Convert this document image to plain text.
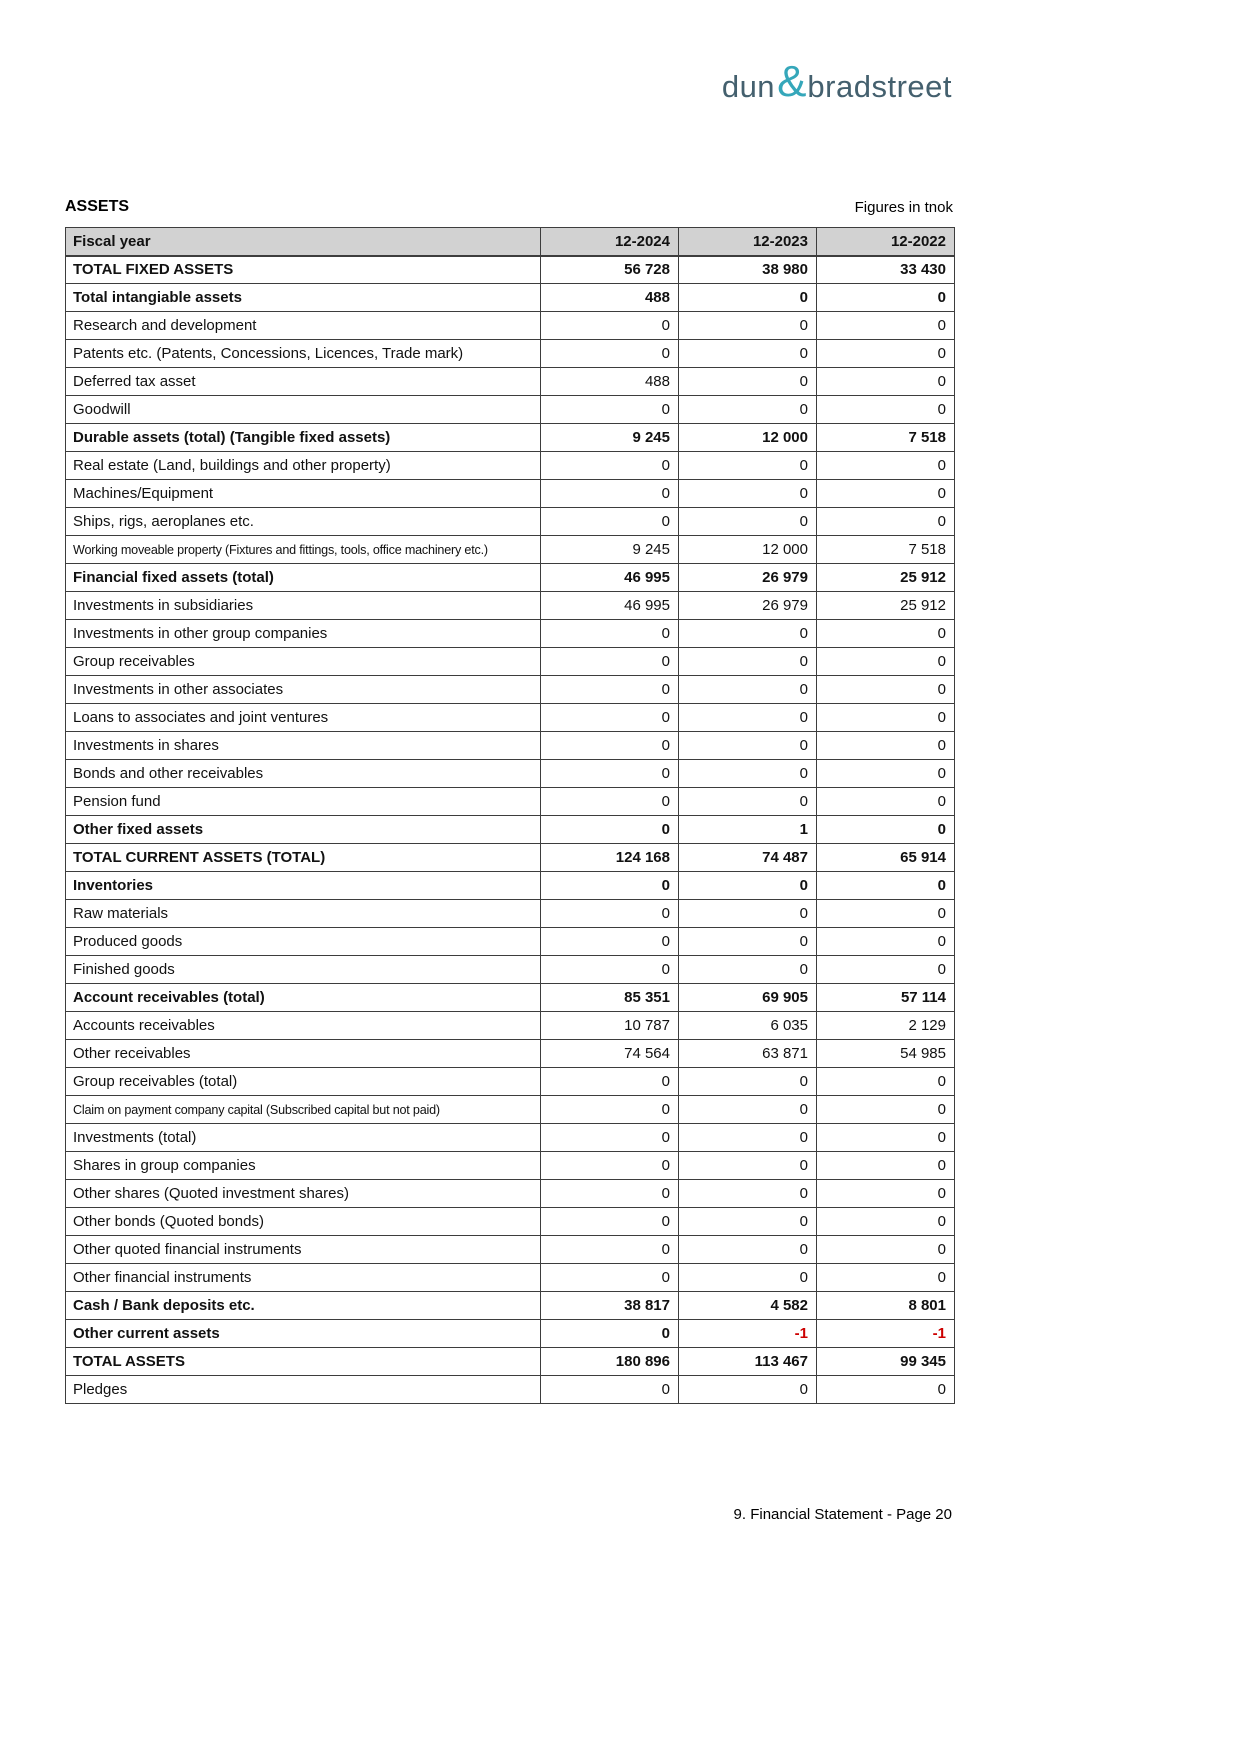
dun & bradstreet
ASSETS	Figures in tnok
Fiscal year	12-2024	12-2023	12-2022
TOTAL FIXED ASSETS	56 728	38 980	33 430
Total intangiable assets	488	0	0
Research and development	0	0	0
Patents etc. (Patents, Concessions, Licences, Trade mark)	0	0	0
Deferred tax asset	488	0	0
Goodwill	0	0	0
Durable assets (total) (Tangible fixed assets)	9 245	12 000	7 518
Real estate (Land, buildings and other property)	0	0	0
Machines/Equipment	0	0	0
Ships, rigs, aeroplanes etc.	0	0	0
Working moveable property (Fixtures and fittings, tools, office machinery etc.)	9 245	12 000	7 518
Financial fixed assets (total)	46 995	26 979	25 912
Investments in subsidiaries	46 995	26 979	25 912
Investments in other group companies	0	0	0
Group receivables	0	0	0
Investments in other associates	0	0	0
Loans to associates and joint ventures	0	0	0
Investments in shares	0	0	0
Bonds and other receivables	0	0	0
Pension fund	0	0	0
Other fixed assets	0	1	0
TOTAL CURRENT ASSETS (TOTAL)	124 168	74 487	65 914
Inventories	0	0	0
Raw materials	0	0	0
Produced goods	0	0	0
Finished goods	0	0	0
Account receivables (total)	85 351	69 905	57 114
Accounts receivables	10 787	6 035	2 129
Other receivables	74 564	63 871	54 985
Group receivables (total)	0	0	0
Claim on payment company capital (Subscribed capital but not paid)	0	0	0
Investments (total)	0	0	0
Shares in group companies	0	0	0
Other shares (Quoted investment shares)	0	0	0
Other bonds (Quoted bonds)	0	0	0
Other quoted financial instruments	0	0	0
Other financial instruments	0	0	0
Cash / Bank deposits etc.	38 817	4 582	8 801
Other current assets	0	-1	-1
TOTAL ASSETS	180 896	113 467	99 345
Pledges	0	0	0
9. Financial Statement - Page 20
